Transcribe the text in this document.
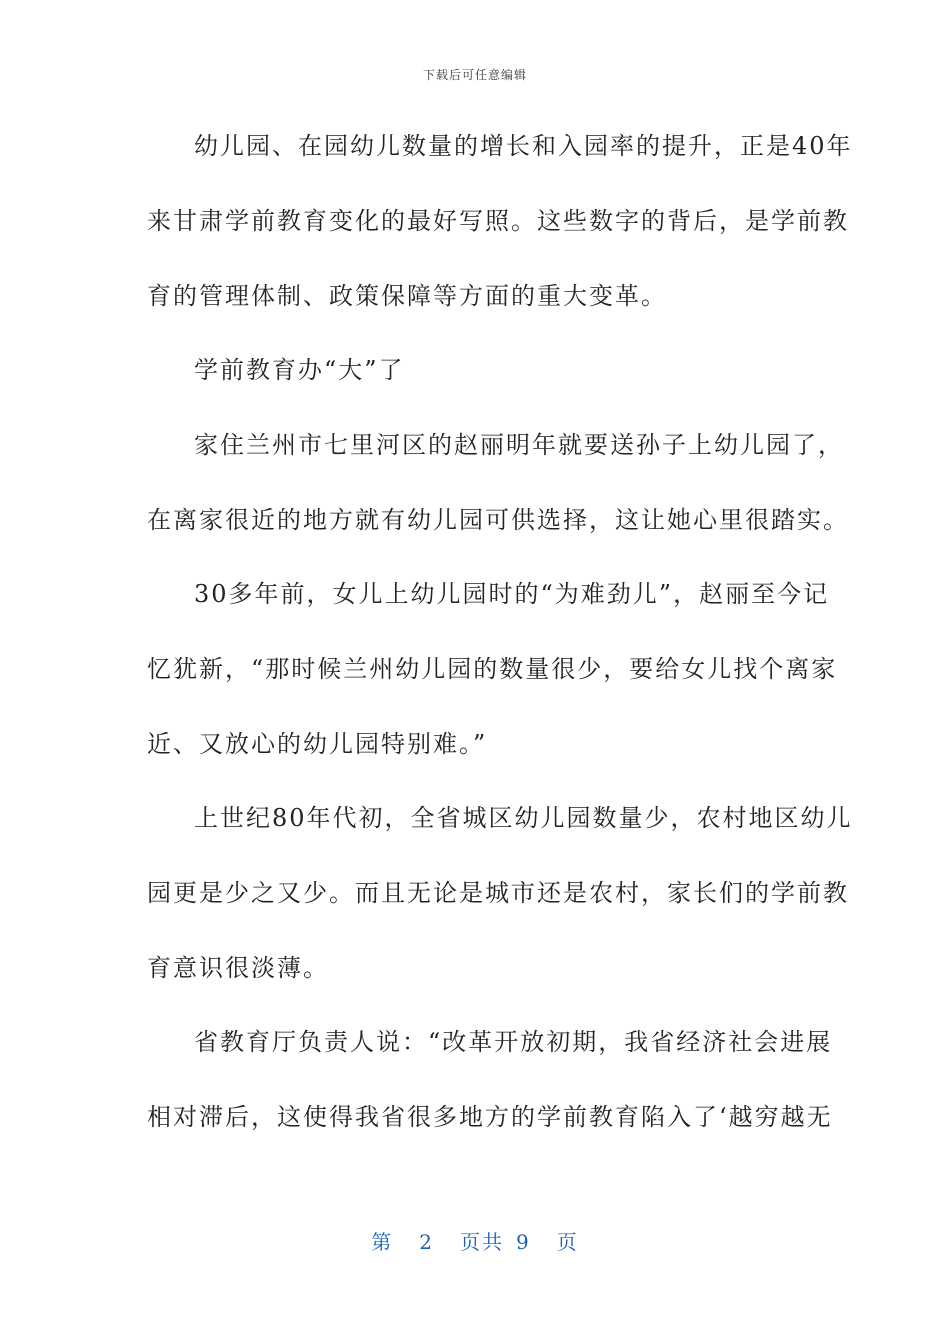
下载后可任意编辑
幼儿园、在园幼儿数量的增长和入园率的提升，正是40年
来甘肃学前教育变化的最好写照。这些数字的背后，是学前教
育的管理体制、政策保障等方面的重大变革。
学前教育办“大”了
家住兰州市七里河区的赵丽明年就要送孙子上幼儿园了，
在离家很近的地方就有幼儿园可供选择，这让她心里很踏实。
30多年前，女儿上幼儿园时的“为难劲儿”，赵丽至今记
忆犹新，“那时候兰州幼儿园的数量很少，要给女儿找个离家
近、又放心的幼儿园特别难。”
上世纪80年代初，全省城区幼儿园数量少，农村地区幼儿
园更是少之又少。而且无论是城市还是农村，家长们的学前教
育意识很淡薄。
省教育厅负责人说：“改革开放初期，我省经济社会进展
相对滞后，这使得我省很多地方的学前教育陷入了‘越穷越无
第 2 页共 9 页
